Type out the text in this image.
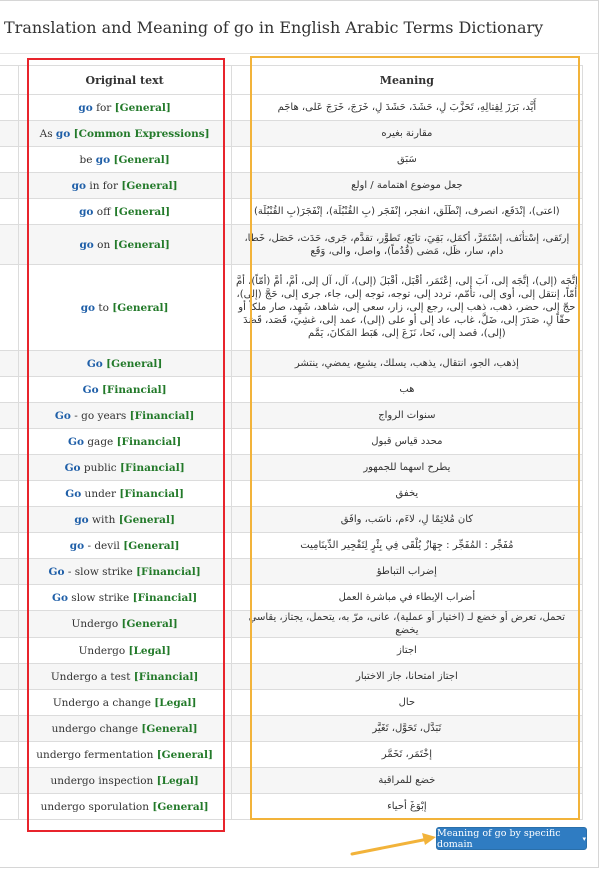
Translation and Meaning of go in English Arabic Terms Dictionary
	Original text	Meaning
	go for [General]	أَيَّد، بَرَزَ لِقِتالِهِ، تَحَزَّبَ لِ، حَشَدَ، حَشَدَ لِ، خَرَجَ، خَرَجَ عَلى، هاجَم
	As go [Common Expressions]	مقارنة بغيره
	be go [General]	سَبَق
	go in for [General]	جعل موضوع اهتمامة / اولع
	go off [General]	(اعتى)، إنْدَفَع، انصرف، إنْطَلَق، انفجر، إنْفَجَر (بِ القُنْبُلَة)، إنْفَجَرَ(بِ القُنْبُلَة)
	go on [General]	إرتَقى، إسْتأنَف، إسْتَمَرَّ، أكمَل، بَقِيَ، تابَع، تَطوَّر، تقدَّم، جَرى، حَدَث، حَصَل، خَطا، دام، سار، ظَل، مَضى (قُدُماً)، واصل، والى، وَقَع
	go to [General]	إتَّجَه (إلى)، إتَّجَه إلى، آبَ إلى، إعْتَمَر، أقْبَل، أقْبَلَ (إلى)، آل، آل إلى، أمَّ، أمَّ (أمّاً)، أمَّ أمّاً، إنتقل إلى، أوى إلى، تأمّم، تردد إلى، توجه، توجه إلى، جاء، جرى إلى، حَجَّ (إلى)، حجّ إلى، حضر، ذهب، ذهب إلى، رجع إلى، زار، سعى إلى، شاهد، شَهِد، صار ملكاً أو حقّاً لِ، صَدَرَ إلى، ضَلَّ، غاب، عاد إلى أو على (إلى)، عمد إلى، غشِيَ، قَصَد، قَصَدَ (إلى)، قصد إلى، نَحا، نَزَعَ إلى، هَبَط المَكانَ، يَمَّم
	Go [General]	إذهب، الجو، انتقال، يذهب، يسلك، يشيع، يمضي، ينتشر
	Go [Financial]	هب
	Go - go years [Financial]	سنوات الرواج
	Go gage [Financial]	محدد قياس قبول
	Go public [Financial]	يطرح اسهما للجمهور
	Go under [Financial]	يخفق
	go with [General]	كان مُلائِمًا لِ، لاءَم، ناسَب، وافَق
	go - devil [General]	مُفَجِّر : المُفَجِّر : جِهَازٌ يُلْقَى فِي بِئْرٍ لِتَفْجِير الدِّينَامِيت
	Go - slow strike [Financial]	إضراب التباطؤ
	Go slow strike [Financial]	أضراب الإبطاء في مباشرة العمل
	Undergo [General]	تحمل، تعرض أو خضع لـ (اختيار أو عملية)، عانى، مرّ به، يتحمل، يجتاز، يقاسي يخضع
	Undergo [Legal]	اجتاز
	Undergo a test [Financial]	اجتاز امتحانا، جاز الاختبار
	Undergo a change [Legal]	حال
	undergo change [General]	تَبَدَّل، تَحَوَّل، تَغَيَّر
	undergo fermentation [General]	إخْتَمَر، تَخَمَّر
	undergo inspection [Legal]	خضع للمراقبة
	undergo sporulation [General]	إبْوَغَ أحياء
Meaning of go by specific domain	▾
